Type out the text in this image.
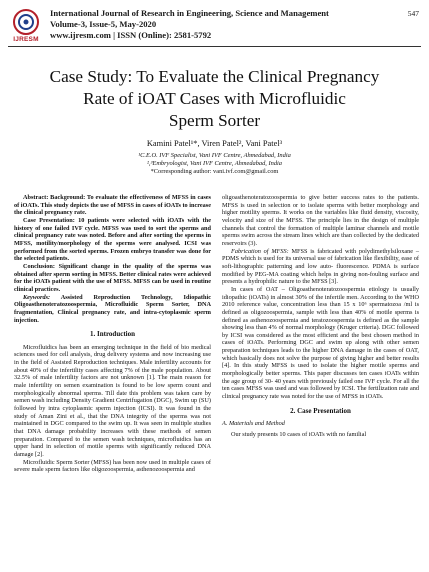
IJRESM
International Journal of Research in Engineering, Science and Management
Volume-3, Issue-5, May-2020
www.ijresm.com | ISSN (Online): 2581-5792
547
Case Study: To Evaluate the Clinical Pregnancy
Rate of iOAT Cases with Microfluidic
Sperm Sorter
Kamini Patel¹*, Viren Patel², Vani Patel³
¹C.E.O. IVF Specialist, Vani IVF Centre, Ahmedabad, India
²,³Embryologist, Vani IVF Centre, Ahmedabad, India
*Corresponding author: vani.ivf.com@gmail.com

Abstract: Background: To evaluate the effectiveness of MFSS in cases of iOATs. This study depicts the use of MFSS in cases of iOATs to increase the clinical pregnancy rate.

Case Presentation: 10 patients were selected with iOATs with the history of one failed IVF cycle. MFSS was used to sort the sperms and clinical pregnancy rate was noted. Before and after sorting the sperms in MFSS, motility/morphology of the sperms were analysed. ICSI was performed from the sorted sperms. Frozen embryo transfer was done for the selected patients.

Conclusion: Significant change in the quality of the sperms was obtained after sperm sorting in MFSS. Better clinical rates were achieved for the iOATs patient with the use of MFSS. MFSS can be used in routine clinical practices.

Keywords: Assisted Reproduction Technology, Idiopathic Oligoasthenoteratozoospermia, Microfluidic Sperm Sorter, DNA fragmentation, Clinical pregnancy rate, and intra-cytoplasmic sperm injection.

1. Introduction

Microfluidics has been an emerging technique in the field of bio medical sciences used for cell analysis, drug delivery systems and now increasing use in the field of Assisted Reproduction techniques. Male infertility accounts for about 40% of the infertility cases affecting 7% of the male population. About 32.5% of male infertility factors are not unknown [1]. The main reason for male infertility on semen examination is found to be low sperm count and morphologically abnormal sperms. Till date this problem was taken care by semen wash including Density Gradient Centrifugation (DGC), Swim up (SU) followed by intra cytoplasmic sperm injection (ICSI). It was found in the study of Aman Zini et al., that the DNA integrity of the sperms was not maintained in DGC compared to the swim up. It was seen in multiple studies that DNA damage probability increases with these methods of semen preparation. Compared to the semen wash techniques, microfluidics has an upper hand in selection of motile sperms with significantly reduced DNA damage [2].

Microfluidic Sperm Sorter (MFSS) has been now used in multiple cases of severe male sperm factors like oligozoospermia, asthenozoospermia and

oligoasthenoteratozoospermia to give better success rates to the patients. MFSS is used in selection or to isolate sperms with better morphology and higher motility sperms. It works on the variables like fluid density, viscosity, velocity and size of the MFSS. The principle lies in the design of multiple channels that control the formation of multiple laminar channels and motile sperms swim across the stream lines which are than collected by the dedicated reservoirs (3).

Fabrication of MFSS: MFSS is fabricated with polydimethylsiloxane – PDMS which is used for its universal use of fabrication like flexibility, ease of soft-lithographic patterning and low auto- fluorescence. PDMA is surface modified by PEG-MA coating which helps in giving non-fouling surface and presents a hydrophilic nature to the MFSS [3].

In cases of OAT – Oligoasthenoteratozoospermia etiology is usually idiopathic (iOATs) in almost 30% of the infertile men. According to the WHO 2010 reference value, concentration less than 15 x 10⁶ spermatozoa /ml is defined as oligozoospermia, sample with less than 40% of motile sperms is defined as asthenozoospermia and teratozoospermia is defined as the sample showing less than 4% of normal morphology (Kruger criteria). DGC followed by ICSI was considered as the most efficient and the best chosen method in cases of iOATs. Performing DGC and swim up along with other semen preparation techniques leads to the higher DNA damage in the cases of OAT, which basically does not solve the purpose of giving higher and better results [4]. In this study MFSS is used to isolate the higher motile sperms and morphologically better sperms. This paper discusses ten cases iOATs within the age group of 30- 40 years with previously failed one IVF cycle. For all the ten cases MFSS was used and was followed by ICSI. The fertilization rate and clinical pregnancy rate was noted for the use of MFSS in iOATs.

2. Case Presentation
A. Materials and Method

Our study presents 10 cases of iOATs with no familial
